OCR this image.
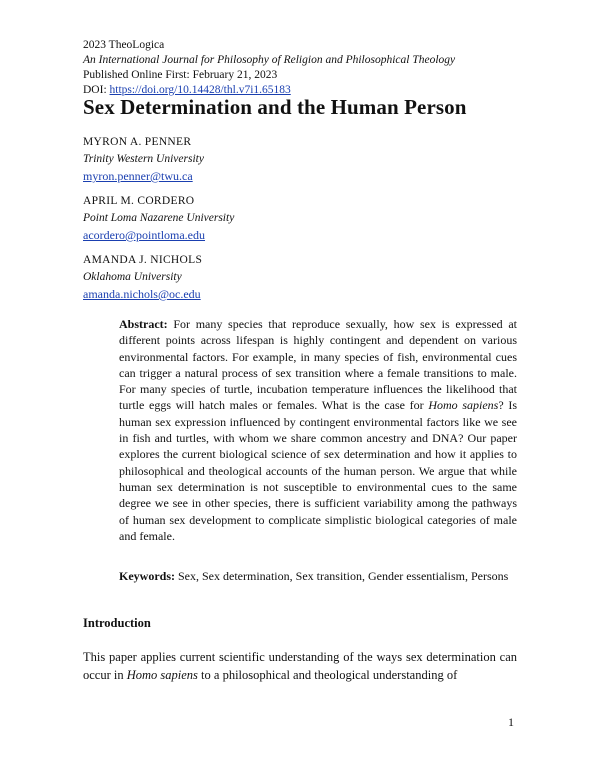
2023 TheoLogica
An International Journal for Philosophy of Religion and Philosophical Theology
Published Online First: February 21, 2023
DOI: https://doi.org/10.14428/thl.v7i1.65183
Sex Determination and the Human Person
MYRON A. PENNER
Trinity Western University
myron.penner@twu.ca
APRIL M. CORDERO
Point Loma Nazarene University
acordero@pointloma.edu
AMANDA J. NICHOLS
Oklahoma University
amanda.nichols@oc.edu
Abstract: For many species that reproduce sexually, how sex is expressed at different points across lifespan is highly contingent and dependent on various environmental factors. For example, in many species of fish, environmental cues can trigger a natural process of sex transition where a female transitions to male. For many species of turtle, incubation temperature influences the likelihood that turtle eggs will hatch males or females. What is the case for Homo sapiens? Is human sex expression influenced by contingent environmental factors like we see in fish and turtles, with whom we share common ancestry and DNA? Our paper explores the current biological science of sex determination and how it applies to philosophical and theological accounts of the human person. We argue that while human sex determination is not susceptible to environmental cues to the same degree we see in other species, there is sufficient variability among the pathways of human sex development to complicate simplistic biological categories of male and female.
Keywords: Sex, Sex determination, Sex transition, Gender essentialism, Persons
Introduction
This paper applies current scientific understanding of the ways sex determination can occur in Homo sapiens to a philosophical and theological understanding of
1
